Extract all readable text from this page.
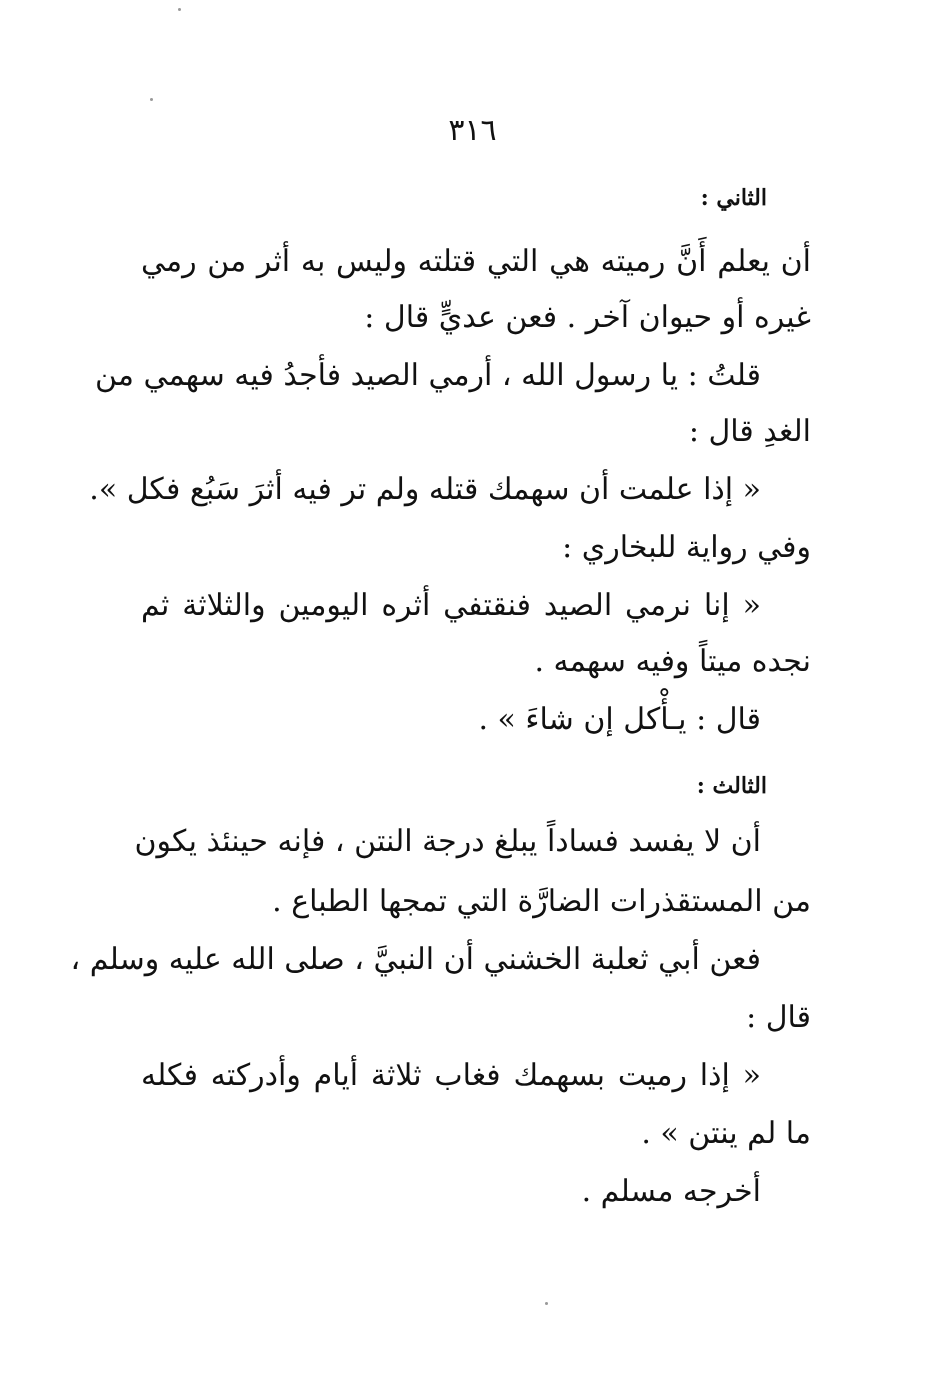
٣١٦
الثاني :
أن يعلم أَنَّ رميته هي التي قتلته وليس به أثر من رمي
غيره أو حيوان آخر . فعن عديٍّ قال :
قلتُ : يا رسول الله ، أرمي الصيد فأجدُ فيه سهمي من
الغدِ قال :
« إذا علمت أن سهمك قتله ولم تر فيه أثرَ سَبُع فكل ».
وفي رواية للبخاري :
« إنا نرمي الصيد فنقتفي أثره اليومين والثلاثة ثم
نجده ميتاً وفيه سهمه .
قال : يـأْكل إن شاءَ » .
الثالث :
أن لا يفسد فساداً يبلغ درجة النتن ، فإنه حينئذ يكون
من المستقذرات الضارَّة التي تمجها الطباع .
فعن أبي ثعلبة الخشني أن النبيَّ ، صلى الله عليه وسلم ،
قال :
« إذا رميت بسهمك فغاب ثلاثة أيام وأدركته فكله
ما لم ينتن » .
أخرجه مسلم .
